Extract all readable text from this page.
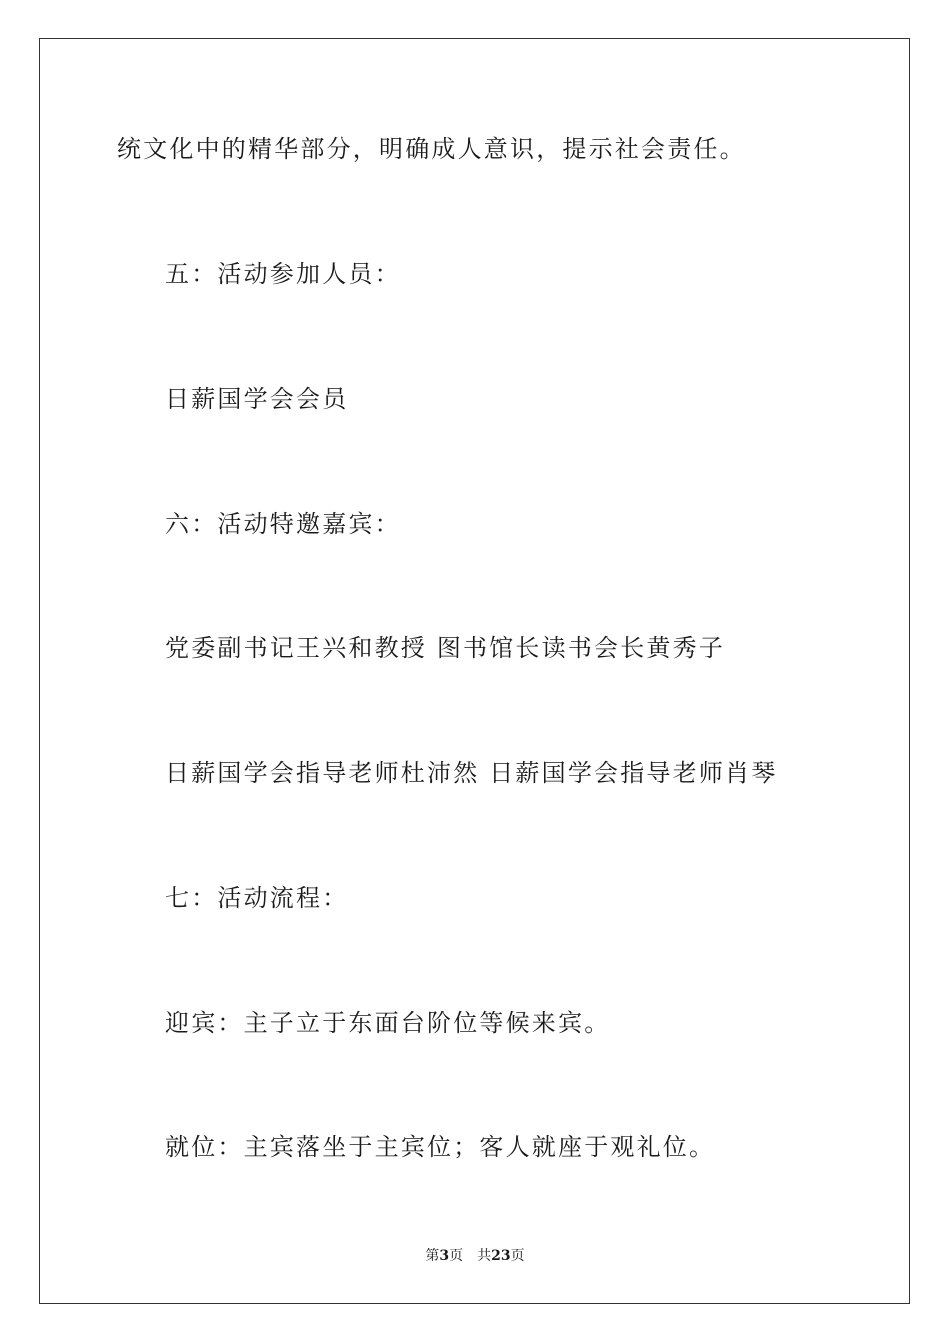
统文化中的精华部分，明确成人意识，提示社会责任。

五：活动参加人员：

日薪国学会会员

六：活动特邀嘉宾：

党委副书记王兴和教授 图书馆长读书会长黄秀子

日薪国学会指导老师杜沛然 日薪国学会指导老师肖琴

七：活动流程：

迎宾：主子立于东面台阶位等候来宾。

就位：主宾落坐于主宾位；客人就座于观礼位。

第3页 共23页
